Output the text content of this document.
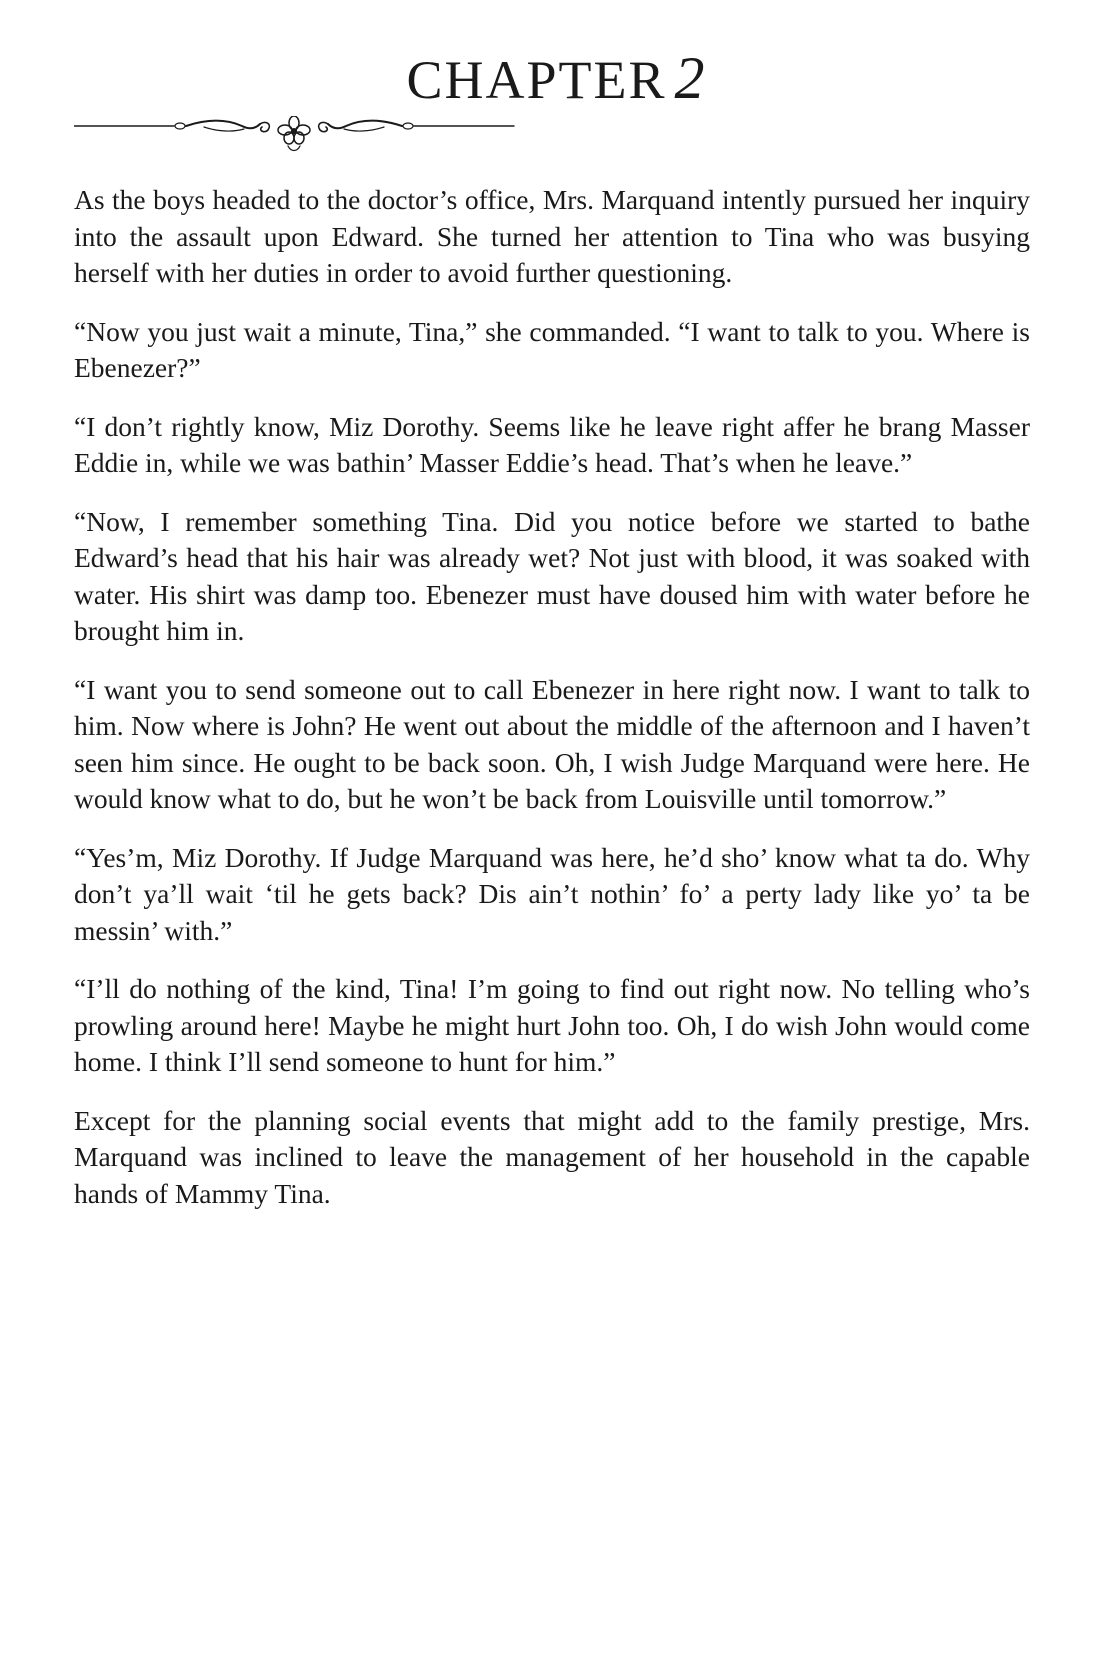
CHAPTER 2

As the boys headed to the doctor’s office, Mrs. Marquand intently pursued her inquiry into the assault upon Edward. She turned her attention to Tina who was busying herself with her duties in order to avoid further questioning.

“Now you just wait a minute, Tina,” she commanded. “I want to talk to you. Where is Ebenezer?”

“I don’t rightly know, Miz Dorothy. Seems like he leave right affer he brang Masser Eddie in, while we was bathin’ Masser Eddie’s head. That’s when he leave.”

“Now, I remember something Tina. Did you notice before we started to bathe Edward’s head that his hair was already wet? Not just with blood, it was soaked with water. His shirt was damp too. Ebenezer must have doused him with water before he brought him in.

“I want you to send someone out to call Ebenezer in here right now. I want to talk to him. Now where is John? He went out about the middle of the afternoon and I haven’t seen him since. He ought to be back soon. Oh, I wish Judge Marquand were here. He would know what to do, but he won’t be back from Louisville until tomorrow.”

“Yes’m, Miz Dorothy. If Judge Marquand was here, he’d sho’ know what ta do. Why don’t ya’ll wait ‘til he gets back? Dis ain’t nothin’ fo’ a perty lady like yo’ ta be messin’ with.”

“I’ll do nothing of the kind, Tina! I’m going to find out right now. No telling who’s prowling around here! Maybe he might hurt John too. Oh, I do wish John would come home. I think I’ll send someone to hunt for him.”

Except for the planning social events that might add to the family prestige, Mrs. Marquand was inclined to leave the management of her household in the capable hands of Mammy Tina.
